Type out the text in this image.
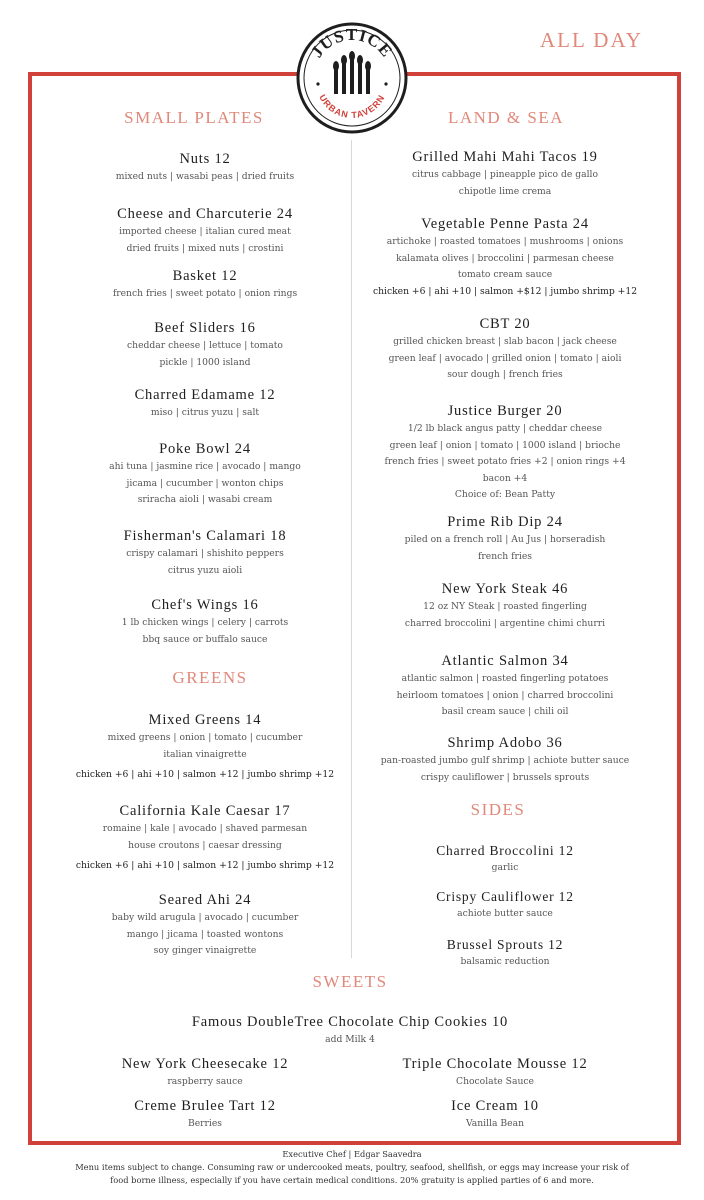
JUSTICE
URBAN TAVERN
ALL DAY
SMALL PLATES	LAND & SEA
GREENS
SIDES
SWEETS
Nuts 12
mixed nuts | wasabi peas | dried fruits
Cheese and Charcuterie 24
imported cheese | italian cured meat
dried fruits | mixed nuts | crostini
Basket 12
french fries | sweet potato | onion rings
Beef Sliders 16
cheddar cheese | lettuce | tomato
pickle | 1000 island
Charred Edamame 12
miso | citrus yuzu | salt
Poke Bowl 24
ahi tuna | jasmine rice | avocado | mango
jicama | cucumber | wonton chips
sriracha aioli | wasabi cream
Fisherman's Calamari 18
crispy calamari | shishito peppers
citrus yuzu aioli
Chef's Wings 16
1 lb chicken wings | celery | carrots
bbq sauce or buffalo sauce
Mixed Greens 14
mixed greens | onion | tomato | cucumber
italian vinaigrette
chicken +6 | ahi +10 | salmon +12 | jumbo shrimp +12
California Kale Caesar 17
romaine | kale | avocado | shaved parmesan
house croutons | caesar dressing
chicken +6 | ahi +10 | salmon +12 | jumbo shrimp +12
Seared Ahi 24
baby wild arugula | avocado | cucumber
mango | jicama | toasted wontons
soy ginger vinaigrette
Grilled Mahi Mahi Tacos 19
citrus cabbage | pineapple pico de gallo
chipotle lime crema
Vegetable Penne Pasta 24
artichoke | roasted tomatoes | mushrooms | onions
kalamata olives | broccolini | parmesan cheese
tomato cream sauce
chicken +6 | ahi +10 | salmon +$12 | jumbo shrimp +12
CBT 20
grilled chicken breast | slab bacon | jack cheese
green leaf | avocado | grilled onion | tomato | aioli
sour dough | french fries
Justice Burger 20
1/2 lb black angus patty | cheddar cheese
green leaf | onion | tomato | 1000 island | brioche
french fries | sweet potato fries +2 | onion rings +4
bacon +4
Choice of: Bean Patty
Prime Rib Dip 24
piled on a french roll | Au Jus | horseradish
french fries
New York Steak 46
12 oz NY Steak | roasted fingerling
charred broccolini | argentine chimi churri
Atlantic Salmon 34
atlantic salmon | roasted fingerling potatoes
heirloom tomatoes | onion | charred broccolini
basil cream sauce | chili oil
Shrimp Adobo 36
pan-roasted jumbo gulf shrimp | achiote butter sauce
crispy cauliflower | brussels sprouts
Charred Broccolini 12
garlic
Crispy Cauliflower 12
achiote butter sauce
Brussel Sprouts 12
balsamic reduction
Famous DoubleTree Chocolate Chip Cookies 10
add Milk 4
New York Cheesecake 12
raspberry sauce
Triple Chocolate Mousse 12
Chocolate Sauce
Creme Brulee Tart 12
Berries
Ice Cream 10
Vanilla Bean
Executive Chef | Edgar Saavedra
Menu items subject to change. Consuming raw or undercooked meats, poultry, seafood, shellfish, or eggs may increase your risk of
food borne illness, especially if you have certain medical conditions. 20% gratuity is applied parties of 6 and more.
